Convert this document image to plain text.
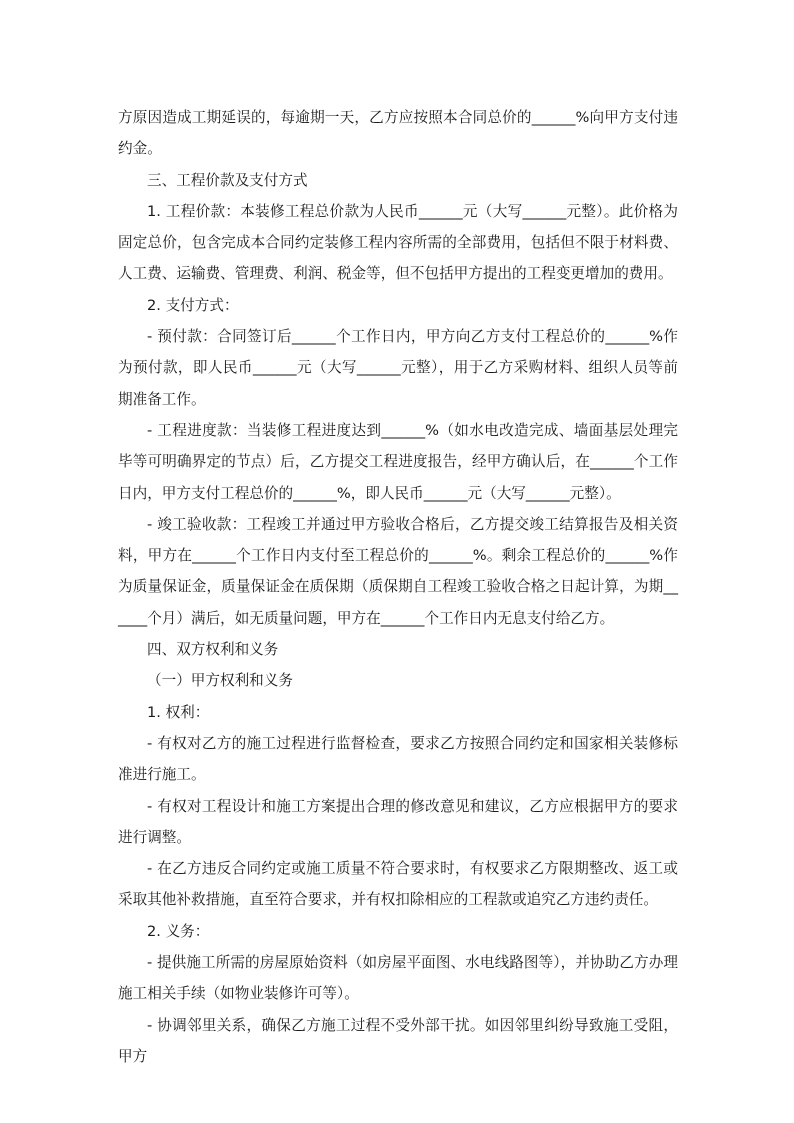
方原因造成工期延误的，每逾期一天，乙方应按照本合同总价的______%向甲方支付违约金。

三、工程价款及支付方式

1. 工程价款：本装修工程总价款为人民币______元（大写______元整）。此价格为固定总价，包含完成本合同约定装修工程内容所需的全部费用，包括但不限于材料费、人工费、运输费、管理费、利润、税金等，但不包括甲方提出的工程变更增加的费用。

2. 支付方式：

- 预付款：合同签订后______个工作日内，甲方向乙方支付工程总价的______%作为预付款，即人民币______元（大写______元整），用于乙方采购材料、组织人员等前期准备工作。

- 工程进度款：当装修工程进度达到______%（如水电改造完成、墙面基层处理完毕等可明确界定的节点）后，乙方提交工程进度报告，经甲方确认后，在______个工作日内，甲方支付工程总价的______%，即人民币______元（大写______元整）。

- 竣工验收款：工程竣工并通过甲方验收合格后，乙方提交竣工结算报告及相关资料，甲方在______个工作日内支付至工程总价的______%。剩余工程总价的______%作为质量保证金，质量保证金在质保期（质保期自工程竣工验收合格之日起计算，为期______个月）满后，如无质量问题，甲方在______个工作日内无息支付给乙方。

四、双方权利和义务

（一）甲方权利和义务

1. 权利：

- 有权对乙方的施工过程进行监督检查，要求乙方按照合同约定和国家相关装修标准进行施工。

- 有权对工程设计和施工方案提出合理的修改意见和建议，乙方应根据甲方的要求进行调整。

- 在乙方违反合同约定或施工质量不符合要求时，有权要求乙方限期整改、返工或采取其他补救措施，直至符合要求，并有权扣除相应的工程款或追究乙方违约责任。

2. 义务：

- 提供施工所需的房屋原始资料（如房屋平面图、水电线路图等），并协助乙方办理施工相关手续（如物业装修许可等）。

- 协调邻里关系，确保乙方施工过程不受外部干扰。如因邻里纠纷导致施工受阻，甲方
